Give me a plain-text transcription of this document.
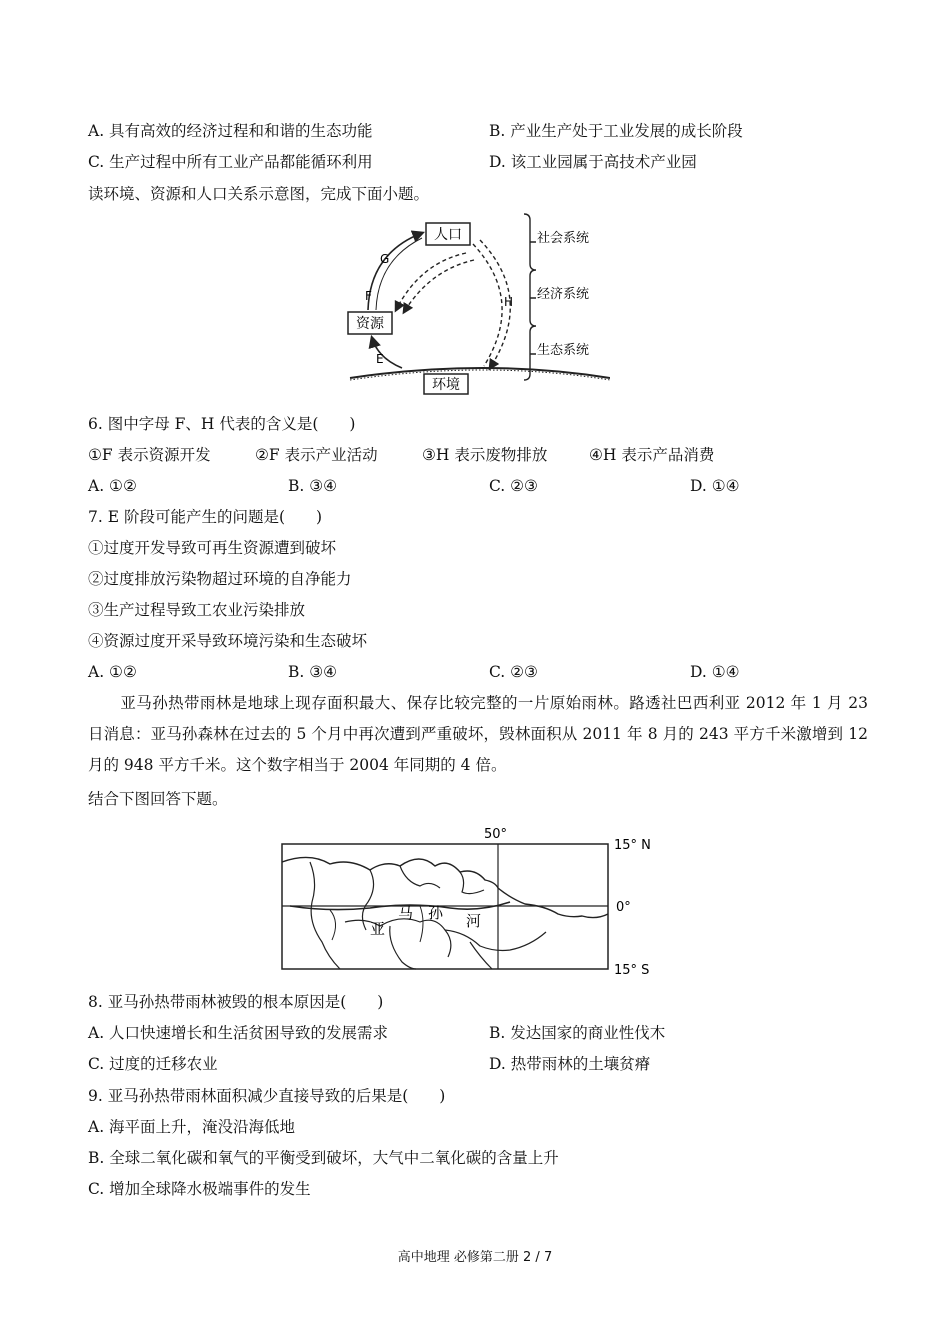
A. 具有高效的经济过程和和谐的生态功能	B. 产业生产处于工业发展的成长阶段
C. 生产过程中所有工业产品都能循环利用	D. 该工业园属于高技术产业园
读环境、资源和人口关系示意图，完成下面小题。
人口
资源
环境
G
F
E
H
社会系统
经济系统
生态系统
6. 图中字母 F、H 代表的含义是(　　)
①F 表示资源开发	②F 表示产业活动	③H 表示废物排放	④H 表示产品消费
A. ①②	B. ③④	C. ②③	D. ①④
7. E 阶段可能产生的问题是(　　)
①过度开发导致可再生资源遭到破坏
②过度排放污染物超过环境的自净能力
③生产过程导致工农业污染排放
④资源过度开采导致环境污染和生态破坏
A. ①②	B. ③④	C. ②③	D. ①④
亚马孙热带雨林是地球上现存面积最大、保存比较完整的一片原始雨林。路透社巴西利亚 2012 年 1 月 23 日消息：亚马孙森林在过去的 5 个月中再次遭到严重破坏，毁林面积从 2011 年 8 月的 243 平方千米激增到 12 月的 948 平方千米。这个数字相当于 2004 年同期的 4 倍。
结合下图回答下题。
50°
15° N
0°
15° S
马 孙 河
亚
8. 亚马孙热带雨林被毁的根本原因是(　　)
A. 人口快速增长和生活贫困导致的发展需求	B. 发达国家的商业性伐木
C. 过度的迁移农业	D. 热带雨林的土壤贫瘠
9. 亚马孙热带雨林面积减少直接导致的后果是(　　)
A. 海平面上升，淹没沿海低地
B. 全球二氧化碳和氧气的平衡受到破坏，大气中二氧化碳的含量上升
C. 增加全球降水极端事件的发生
高中地理 必修第二册 2 / 7
